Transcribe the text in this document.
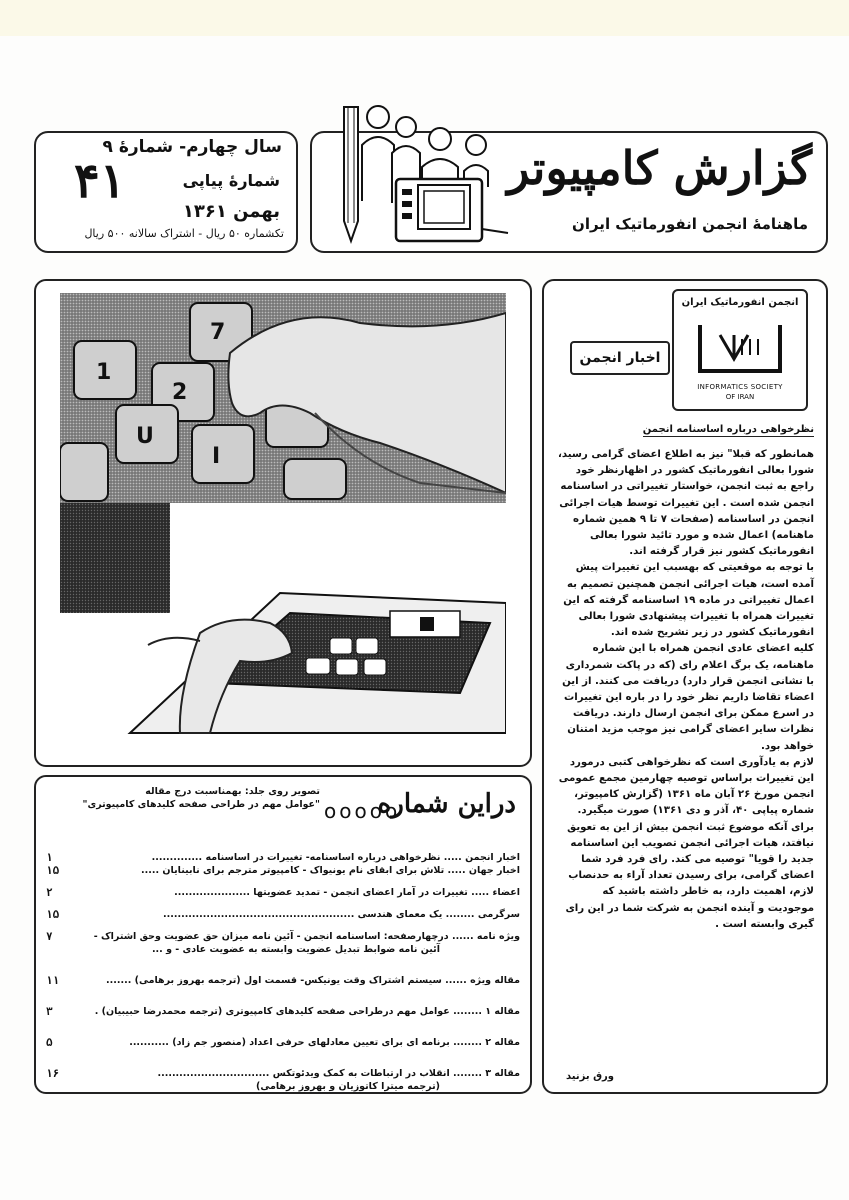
سال چهارم- شمارۀ ۹
۴۱	شمارۀ پیاپی
بهمن ۱۳۶۱
تکشماره ۵۰ ریال - اشتراک سالانه ۵۰۰ ریال
گزارش کامپیوتر
ماهنامۀ انجمن انفورماتیک ایران
1
2
7
U
I
انجمن انفورماتیک ایران
INFORMATICS SOCIETY
OF IRAN
اخبار انجمن
نظرخواهی درباره اساسنامه انجمن

همانطور که قبلا" نیز به اطلاع اعضای گرامی رسید، شورا بعالی انفورماتیک کشور در اظهارنظر خود راجع به ثبت انجمن، خواستار تغییراتی در اساسنامه انجمن شده است . این تغییرات توسط هیات اجرائی انجمن در اساسنامه (صفحات ۷ تا ۹ همین شماره ماهنامه) اعمال شده و مورد تائید شورا بعالی انفورماتیک کشور نیز قرار گرفته اند.

با توجه به موقعیتی که بهسبب این تغییرات پیش آمده است، هیات اجرائی انجمن همچنین تصمیم به اعمال تغییراتی در ماده ۱۹ اساسنامه گرفته که این تغییرات همراه با تغییرات پیشنهادی شورا بعالی انفورماتیک کشور در زیر تشریح شده اند.

کلیه اعضای عادی انجمن همراه با این شماره ماهنامه، یک برگ اعلام رای (که در پاکت شمرداری با نشانی انجمن قرار دارد) دریافت می کنند. از این اعضاء تقاضا داریم نظر خود را در باره این تغییرات در اسرع ممکن برای انجمن ارسال دارند. دریافت نظرات سایر اعضای گرامی نیز موجب مزید امتنان خواهد بود.

لازم به یادآوری است که نظرخواهی کتبی درمورد این تغییرات براساس توصیه چهارمین مجمع عمومی انجمن مورخ ۲۶ آبان ماه ۱۳۶۱ (گزارش کامپیوتر، شماره پیاپی ۴۰، آذر و دی ۱۳۶۱) صورت میگیرد.

برای آنکه موضوع ثبت انجمن بیش از این به تعویق نیافتد، هیات اجرائی انجمن تصویب این اساسنامه جدید را قویا" توصیه می کند. رای فرد فرد شما اعضای گرامی، برای رسیدن تعداد آراء به حدنصاب لازم، اهمیت دارد، به خاطر داشته باشید که موجودیت و آینده انجمن به شرکت شما در این رای گیری وابسته است .

ورق بزنید
دراین شماره
ooooo
تصویر روی جلد: بهمناسبت درج مقاله
"عوامل مهم در طراحی صفحه کلیدهای کامپیوتری"
اخبار انجمن ..... نظرخواهی درباره اساسنامه- تغییرات در اساسنامه ..............
۱
اخبار جهان ..... تلاش برای ابقای نام یونیواک - کامپیوتر مترجم برای نابینایان .....
۱۵
اعضاء ..... تغییرات در آمار اعضای انجمن - تمدید عضویتها .....................
۲
سرگرمی ........ یک معمای هندسی .....................................................
۱۵
ویژه نامه ...... درچهارصفحه: اساسنامه انجمن - آئین نامه میزان حق عضویت وحق اشتراک -
۷
آئین نامه ضوابط تبدیل عضویت وابسته به عضویت عادی - و ...
مقاله ویژه ...... سیستم اشتراک وقت یونیکس- قسمت اول (ترجمه بهروز برهامی) .......
۱۱
مقاله ۱ ........ عوامل مهم درطراحی صفحه کلیدهای کامپیوتری (ترجمه محمدرضا حبیبیان) .
۳
مقاله ۲ ........ برنامه ای برای تعیین معادلهای حرفی اعداد (منصور جم زاد) ...........
۵
مقاله ۳ ........ انقلاب در ارتباطات به کمک ویدئوتکس ...............................
۱۶
(ترجمه میترا کاتوزیان و بهروز برهامی)
